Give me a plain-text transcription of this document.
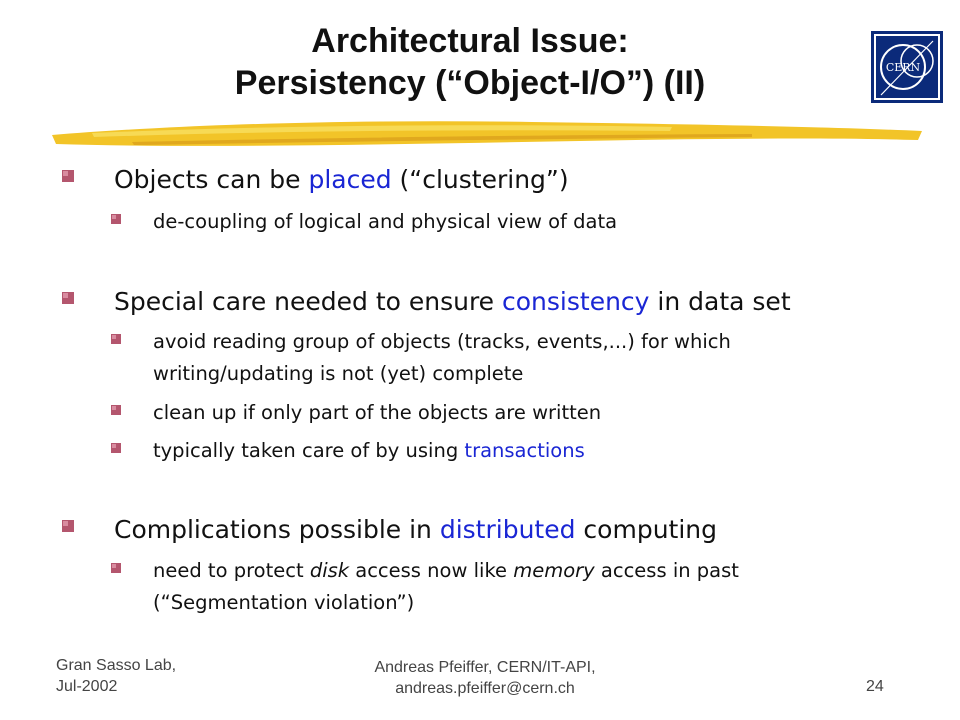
Architectural Issue:
Persistency (“Object-I/O”) (II)	CERN
Objects can be placed (“clustering”)
de-coupling of logical and physical view of data
Special care needed to ensure consistency in data set
avoid reading group of objects (tracks, events,...) for which
writing/updating is not (yet) complete
clean up if only part of the objects are written
typically taken care of by using transactions
Complications possible in distributed computing
need to protect disk access now like memory access in past
(“Segmentation violation”)
Gran Sasso Lab,
Jul-2002
Andreas Pfeiffer, CERN/IT-API,
andreas.pfeiffer@cern.ch	24
